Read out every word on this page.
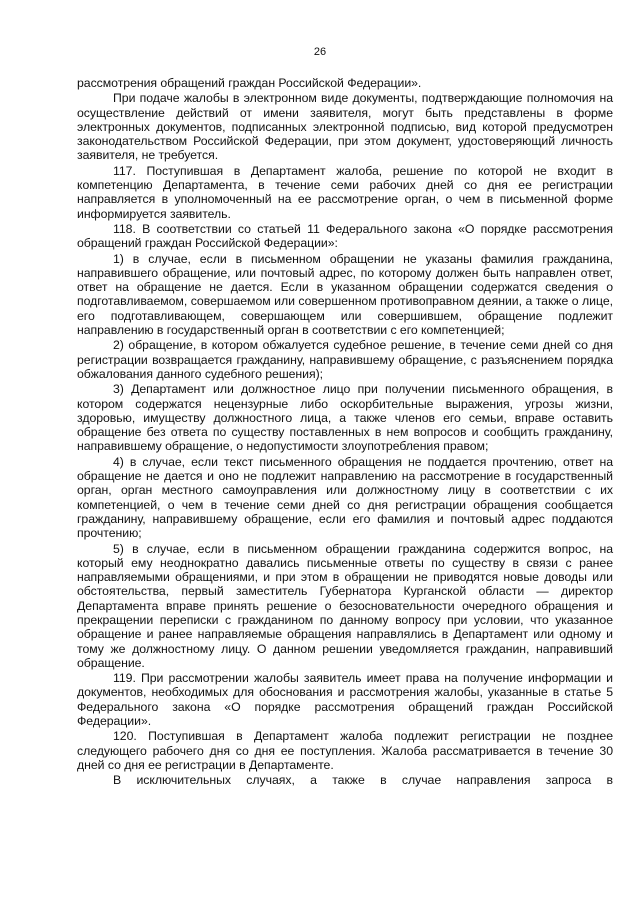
26

рассмотрения обращений граждан Российской Федерации».

При подаче жалобы в электронном виде документы, подтверждающие полномочия на осуществление действий от имени заявителя, могут быть представлены в форме электронных документов, подписанных электронной подписью, вид которой предусмотрен законодательством Российской Федерации, при этом документ, удостоверяющий личность заявителя, не требуется.

117. Поступившая в Департамент жалоба, решение по которой не входит в компетенцию Департамента, в течение семи рабочих дней со дня ее регистрации направляется в уполномоченный на ее рассмотрение орган, о чем в письменной форме информируется заявитель.

118. В соответствии со статьей 11 Федерального закона «О порядке рассмотрения обращений граждан Российской Федерации»:

1) в случае, если в письменном обращении не указаны фамилия гражданина, направившего обращение, или почтовый адрес, по которому должен быть направлен ответ, ответ на обращение не дается. Если в указанном обращении содержатся сведения о подготавливаемом, совершаемом или совершенном противоправном деянии, а также о лице, его подготавливающем, совершающем или совершившем, обращение подлежит направлению в государственный орган в соответствии с его компетенцией;

2) обращение, в котором обжалуется судебное решение, в течение семи дней со дня регистрации возвращается гражданину, направившему обращение, с разъяснением порядка обжалования данного судебного решения);

3) Департамент или должностное лицо при получении письменного обращения, в котором содержатся нецензурные либо оскорбительные выражения, угрозы жизни, здоровью, имуществу должностного лица, а также членов его семьи, вправе оставить обращение без ответа по существу поставленных в нем вопросов и сообщить гражданину, направившему обращение, о недопустимости злоупотребления правом;

4) в случае, если текст письменного обращения не поддается прочтению, ответ на обращение не дается и оно не подлежит направлению на рассмотрение в государственный орган, орган местного самоуправления или должностному лицу в соответствии с их компетенцией, о чем в течение семи дней со дня регистрации обращения сообщается гражданину, направившему обращение, если его фамилия и почтовый адрес поддаются прочтению;

5) в случае, если в письменном обращении гражданина содержится вопрос, на который ему неоднократно давались письменные ответы по существу в связи с ранее направляемыми обращениями, и при этом в обращении не приводятся новые доводы или обстоятельства, первый заместитель Губернатора Курганской области — директор Департамента вправе принять решение о безосновательности очередного обращения и прекращении переписки с гражданином по данному вопросу при условии, что указанное обращение и ранее направляемые обращения направлялись в Департамент или одному и тому же должностному лицу. О данном решении уведомляется гражданин, направивший обращение.

119. При рассмотрении жалобы заявитель имеет права на получение информации и документов, необходимых для обоснования и рассмотрения жалобы, указанные в статье 5 Федерального закона «О порядке рассмотрения обращений граждан Российской Федерации».

120. Поступившая в Департамент жалоба подлежит регистрации не позднее следующего рабочего дня со дня ее поступления. Жалоба рассматривается в течение 30 дней со дня ее регистрации в Департаменте.

В исключительных случаях, а также в случае направления запроса в
